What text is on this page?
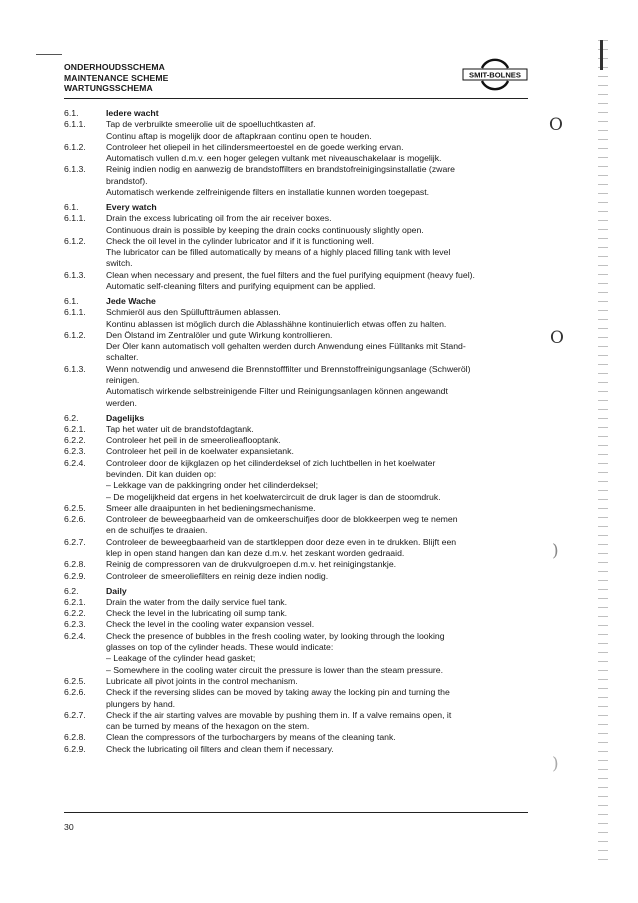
ONDERHOUDSSCHEMA
MAINTENANCE SCHEME
WARTUNGSSCHEMA
SMIT-BOLNES
6.1.	Iedere wacht
6.1.1.	Tap de verbruikte smeerolie uit de spoelluchtkasten af.
Continu aftap is mogelijk door de aftapkraan continu open te houden.
6.1.2.	Controleer het oliepeil in het cilindersmeertoestel en de goede werking ervan.
Automatisch vullen d.m.v. een hoger gelegen vultank met niveauschakelaar is mogelijk.
6.1.3.	Reinig indien nodig en aanwezig de brandstoffilters en brandstofreinigingsinstallatie (zware
brandstof).
Automatisch werkende zelfreinigende filters en installatie kunnen worden toegepast.
6.1.	Every watch
6.1.1.	Drain the excess lubricating oil from the air receiver boxes.
Continuous drain is possible by keeping the drain cocks continuously slightly open.
6.1.2.	Check the oil level in the cylinder lubricator and if it is functioning well.
The lubricator can be filled automatically by means of a highly placed filling tank with level
switch.
6.1.3.	Clean when necessary and present, the fuel filters and the fuel purifying equipment (heavy fuel).
Automatic self-cleaning filters and purifying equipment can be applied.
6.1.	Jede Wache
6.1.1.	Schmieröl aus den Spülluftträumen ablassen.
Kontinu ablassen ist möglich durch die Ablasshähne kontinuierlich etwas offen zu halten.
6.1.2.	Den Ölstand im Zentralöler und gute Wirkung kontrollieren.
Der Öler kann automatisch voll gehalten werden durch Anwendung eines Fülltanks mit Stand-
schalter.
6.1.3.	Wenn notwendig und anwesend die Brennstofffilter und Brennstoffreinigungsanlage (Schweröl)
reinigen.
Automatisch wirkende selbstreinigende Filter und Reinigungsanlagen können angewandt
werden.
6.2.	Dagelijks
6.2.1.	Tap het water uit de brandstofdagtank.
6.2.2.	Controleer het peil in de smeerolieaflooptank.
6.2.3.	Controleer het peil in de koelwater expansietank.
6.2.4.	Controleer door de kijkglazen op het cilinderdeksel of zich luchtbellen in het koelwater
bevinden. Dit kan duiden op:
– Lekkage van de pakkingring onder het cilinderdeksel;
– De mogelijkheid dat ergens in het koelwatercircuit de druk lager is dan de stoomdruk.
6.2.5.	Smeer alle draaipunten in het bedieningsmechanisme.
6.2.6.	Controleer de beweegbaarheid van de omkeerschuifjes door de blokkeerpen weg te nemen
en de schuifjes te draaien.
6.2.7.	Controleer de beweegbaarheid van de startkleppen door deze even in te drukken. Blijft een
klep in open stand hangen dan kan deze d.m.v. het zeskant worden gedraaid.
6.2.8.	Reinig de compressoren van de drukvulgroepen d.m.v. het reinigingstankje.
6.2.9.	Controleer de smeeroliefilters en reinig deze indien nodig.
6.2.	Daily
6.2.1.	Drain the water from the daily service fuel tank.
6.2.2.	Check the level in the lubricating oil sump tank.
6.2.3.	Check the level in the cooling water expansion vessel.
6.2.4.	Check the presence of bubbles in the fresh cooling water, by looking through the looking
glasses on top of the cylinder heads. These would indicate:
– Leakage of the cylinder head gasket;
– Somewhere in the cooling water circuit the pressure is lower than the steam pressure.
6.2.5.	Lubricate all pivot joints in the control mechanism.
6.2.6.	Check if the reversing slides can be moved by taking away the locking pin and turning the
plungers by hand.
6.2.7.	Check if the air starting valves are movable by pushing them in. If a valve remains open, it
can be turned by means of the hexagon on the stem.
6.2.8.	Clean the compressors of the turbochargers by means of the cleaning tank.
6.2.9.	Check the lubricating oil filters and clean them if necessary.
30
O
O
)
)
